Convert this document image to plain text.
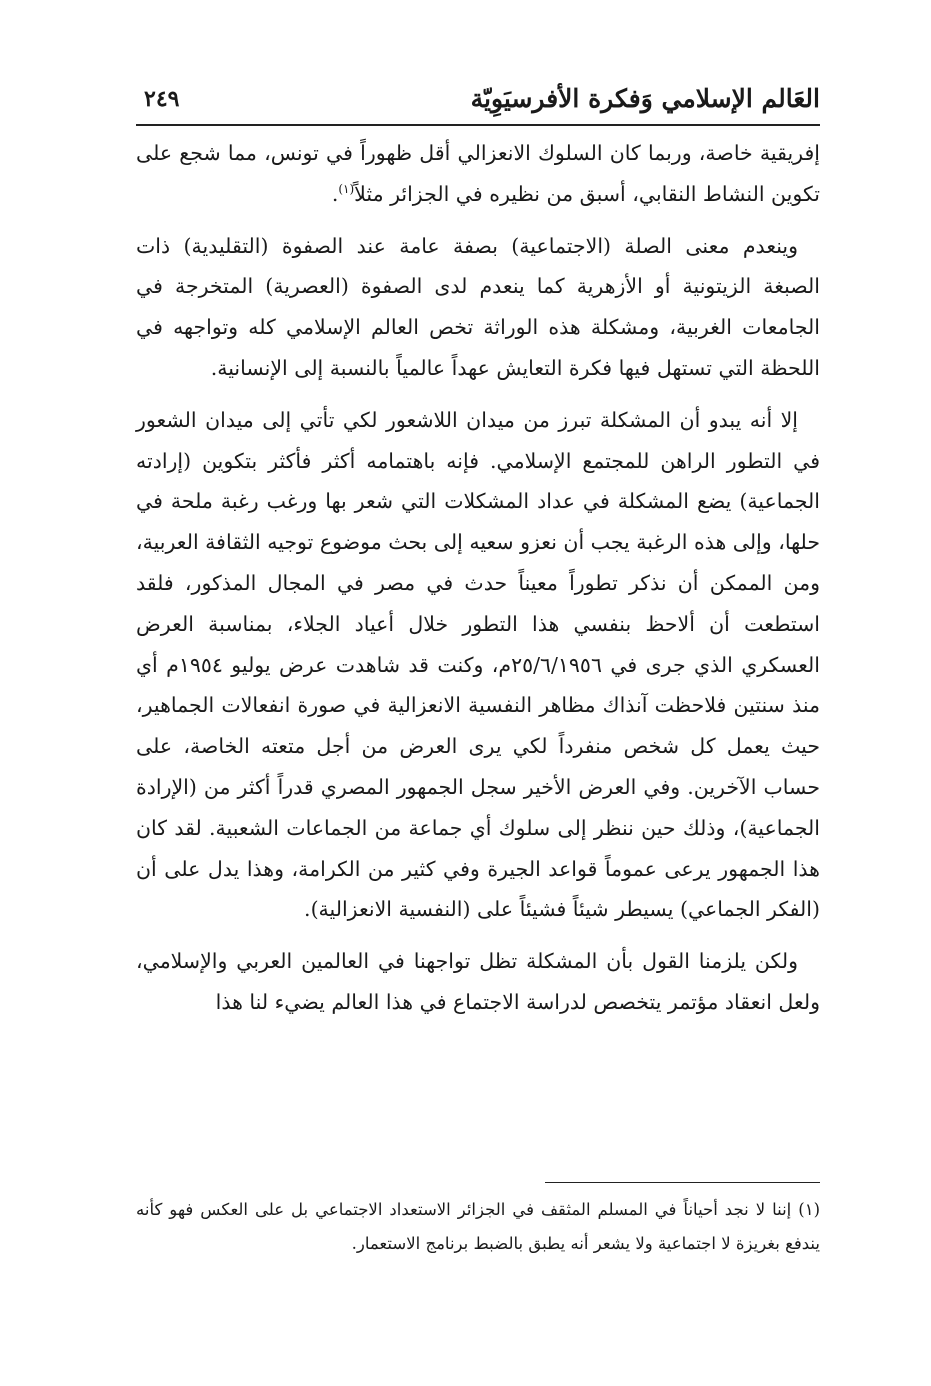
العَالم الإسلامي وَفكرة الأفرسيَوِيّة
٢٤٩

إفريقية خاصة، وربما كان السلوك الانعزالي أقل ظهوراً في تونس، مما شجع على تكوين النشاط النقابي، أسبق من نظيره في الجزائر مثلاً$^{(١)}$.

وينعدم معنى الصلة (الاجتماعية) بصفة عامة عند الصفوة (التقليدية) ذات الصبغة الزيتونية أو الأزهرية كما ينعدم لدى الصفوة (العصرية) المتخرجة في الجامعات الغربية، ومشكلة هذه الوراثة تخص العالم الإسلامي كله وتواجهه في اللحظة التي تستهل فيها فكرة التعايش عهداً عالمياً بالنسبة إلى الإنسانية.

إلا أنه يبدو أن المشكلة تبرز من ميدان اللاشعور لكي تأتي إلى ميدان الشعور في التطور الراهن للمجتمع الإسلامي. فإنه باهتمامه أكثر فأكثر بتكوين (إرادته الجماعية) يضع المشكلة في عداد المشكلات التي شعر بها ورغب رغبة ملحة في حلها، وإلى هذه الرغبة يجب أن نعزو سعيه إلى بحث موضوع توجيه الثقافة العربية، ومن الممكن أن نذكر تطوراً معيناً حدث في مصر في المجال المذكور، فلقد استطعت أن ألاحظ بنفسي هذا التطور خلال أعياد الجلاء، بمناسبة العرض العسكري الذي جرى في ٢٥/٦/١٩٥٦م، وكنت قد شاهدت عرض يوليو ١٩٥٤م أي منذ سنتين فلاحظت آنذاك مظاهر النفسية الانعزالية في صورة انفعالات الجماهير، حيث يعمل كل شخص منفرداً لكي يرى العرض من أجل متعته الخاصة، على حساب الآخرين. وفي العرض الأخير سجل الجمهور المصري قدراً أكثر من (الإرادة الجماعية)، وذلك حين ننظر إلى سلوك أي جماعة من الجماعات الشعبية. لقد كان هذا الجمهور يرعى عموماً قواعد الجيرة وفي كثير من الكرامة، وهذا يدل على أن (الفكر الجماعي) يسيطر شيئاً فشيئاً على (النفسية الانعزالية).

ولكن يلزمنا القول بأن المشكلة تظل تواجهنا في العالمين العربي والإسلامي، ولعل انعقاد مؤتمر يتخصص لدراسة الاجتماع في هذا العالم يضيء لنا هذا

(١) إننا لا نجد أحياناً في المسلم المثقف في الجزائر الاستعداد الاجتماعي بل على العكس فهو كأنه يندفع بغريزة لا اجتماعية ولا يشعر أنه يطبق بالضبط برنامج الاستعمار.
